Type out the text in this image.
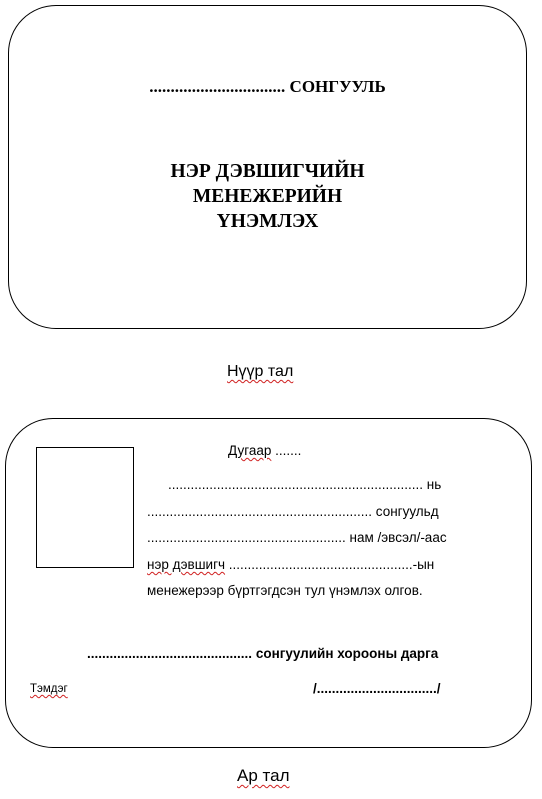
................................ СОНГУУЛЬ
НЭР ДЭВШИГЧИЙН
МЕНЕЖЕРИЙН
ҮНЭМЛЭХ
Нүүр тал
Дугаар .......
.................................................................... нь
............................................................ сонгуульд
..................................................... нам /эвсэл/-аас
нэр дэвшигч .................................................-ын
менежерээр бүртгэгдсэн тул үнэмлэх олгов.
............................................ сонгуулийн хорооны дарга
Тэмдэг	/................................/
Ар тал
